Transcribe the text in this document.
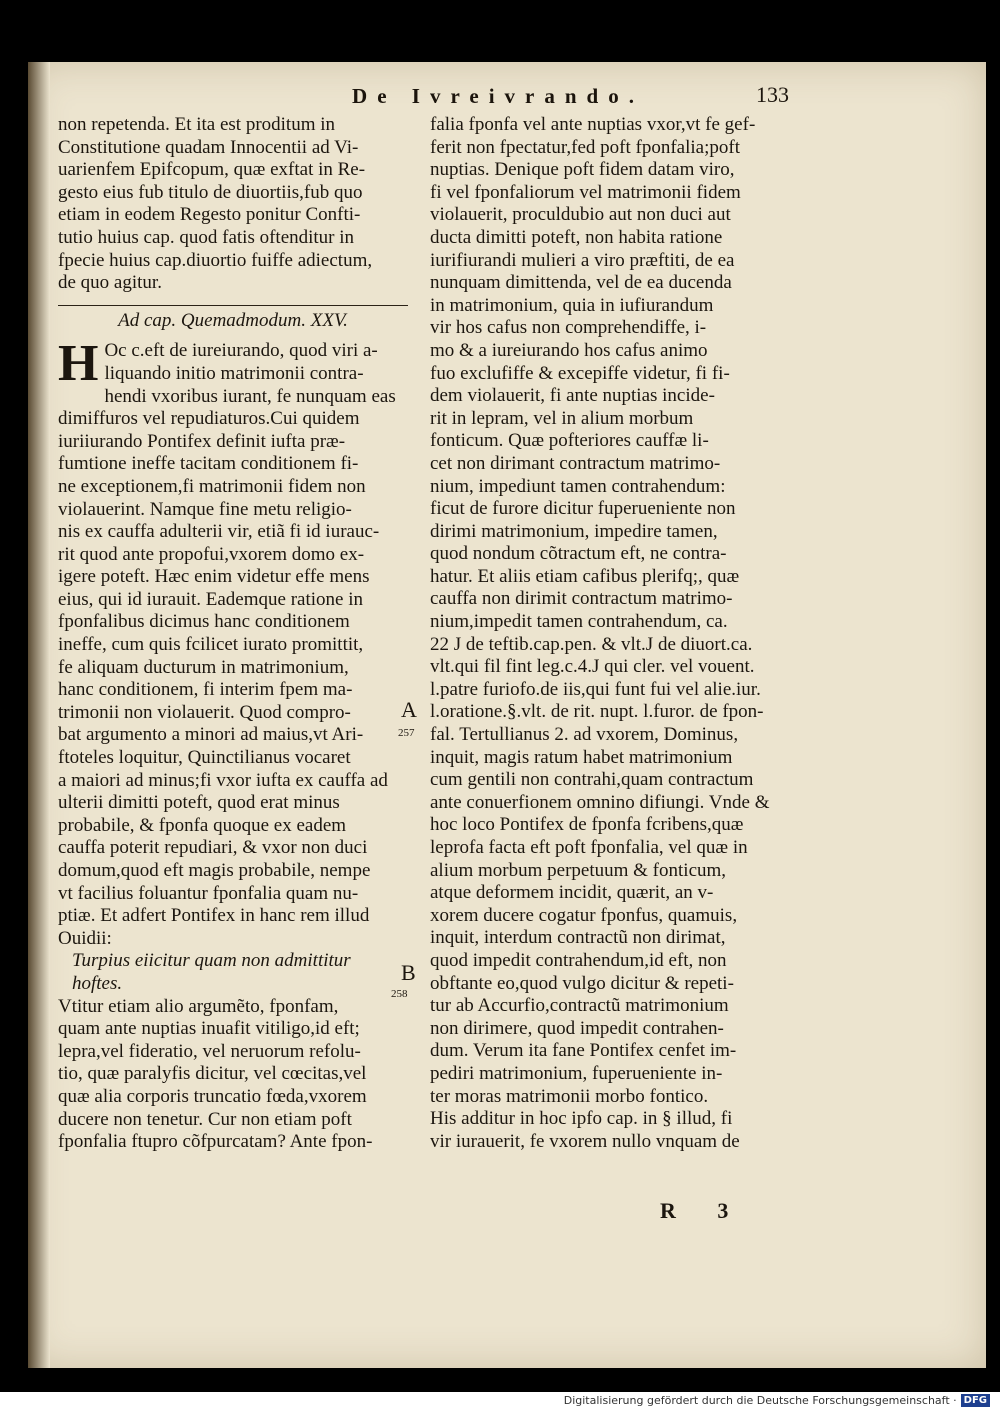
De Ivreivrando.	133
non repetenda. Et ita est proditum in
Constitutione quadam Innocentii ad Vi-
uarienfem Epifcopum, quæ exftat in Re-
gesto eius fub titulo de diuortiis,fub quo
etiam in eodem Regesto ponitur Confti-
tutio huius cap. quod fatis oftenditur in
fpecie huius cap.diuortio fuiffe adiectum,
de quo agitur.
Ad cap. Quemadmodum. XXV.
H Oc c.eft de iureiurando, quod viri a-
liquando initio matrimonii contra-
hendi vxoribus iurant, fe nunquam eas
dimiffuros vel repudiaturos.Cui quidem
iuriiurando Pontifex definit iufta præ-
fumtione ineffe tacitam conditionem fi-
ne exceptionem,fi matrimonii fidem non
violauerint. Namque fine metu religio-
nis ex cauffa adulterii vir, etiã fi id iurauc-
rit quod ante propofui,vxorem domo ex-
igere poteft. Hæc enim videtur effe mens
eius, qui id iurauit. Eademque ratione in
fponfalibus dicimus hanc conditionem
ineffe, cum quis fcilicet iurato promittit,
fe aliquam ducturum in matrimonium,
hanc conditionem, fi interim fpem ma-
trimonii non violauerit. Quod compro-
bat argumento a minori ad maius,vt Ari-
ftoteles loquitur, Quinctilianus vocaret
a maiori ad minus;fi vxor iufta ex cauffa ad
ulterii dimitti poteft, quod erat minus
probabile, & fponfa quoque ex eadem
cauffa poterit repudiari, & vxor non duci
domum,quod eft magis probabile, nempe
vt facilius foluantur fponfalia quam nu-
ptiæ. Et adfert Pontifex in hanc rem illud
Ouidii:
Turpius eiicitur quam non admittitur
hoftes.
Vtitur etiam alio argumẽto, fponfam,
quam ante nuptias inuafit vitiligo,id eft;
lepra,vel fideratio, vel neruorum refolu-
tio, quæ paralyfis dicitur, vel cœcitas,vel
quæ alia corporis truncatio fœda,vxorem
ducere non tenetur. Cur non etiam poft
fponfalia ftupro cõfpurcatam? Ante fpon-
falia fponfa vel ante nuptias vxor,vt fe gef-
ferit non fpectatur,fed poft fponfalia;poft
nuptias. Denique poft fidem datam viro,
fi vel fponfaliorum vel matrimonii fidem
violauerit, proculdubio aut non duci aut
ducta dimitti poteft, non habita ratione
iurifiurandi mulieri a viro præftiti, de ea
nunquam dimittenda, vel de ea ducenda
in matrimonium, quia in iufiurandum
vir hos cafus non comprehendiffe, i-
mo & a iureiurando hos cafus animo
fuo exclufiffe & excepiffe videtur, fi fi-
dem violauerit, fi ante nuptias incide-
rit in lepram, vel in alium morbum
fonticum. Quæ pofteriores cauffæ li-
cet non dirimant contractum matrimo-
nium, impediunt tamen contrahendum:
ficut de furore dicitur fuperueniente non
dirimi matrimonium, impedire tamen,
quod nondum cõtractum eft, ne contra-
hatur. Et aliis etiam cafibus plerifq;, quæ
cauffa non dirimit contractum matrimo-
nium,impedit tamen contrahendum, ca.
22 J de teftib.cap.pen. & vlt.J de diuort.ca.
vlt.qui fil fint leg.c.4.J qui cler. vel vouent.
l.patre furiofo.de iis,qui funt fui vel alie.iur.
l.oratione.§.vlt. de rit. nupt. l.furor. de fpon-
fal. Tertullianus 2. ad vxorem, Dominus,
inquit, magis ratum habet matrimonium
cum gentili non contrahi,quam contractum
ante conuerfionem omnino difiungi. Vnde &
hoc loco Pontifex de fponfa fcribens,quæ
leprofa facta eft poft fponfalia, vel quæ in
alium morbum perpetuum & fonticum,
atque deformem incidit, quærit, an v-
xorem ducere cogatur fponfus, quamuis,
inquit, interdum contractũ non dirimat,
quod impedit contrahendum,id eft, non
obftante eo,quod vulgo dicitur & repeti-
tur ab Accurfio,contractũ matrimonium
non dirimere, quod impedit contrahen-
dum. Verum ita fane Pontifex cenfet im-
pediri matrimonium, fuperueniente in-
ter moras matrimonii morbo fontico.
His additur in hoc ipfo cap. in § illud, fi
vir iurauerit, fe vxorem nullo vnquam de
A
257
B
258
R 3
Digitalisierung gefördert durch die Deutsche Forschungsgemeinschaft · DFG
